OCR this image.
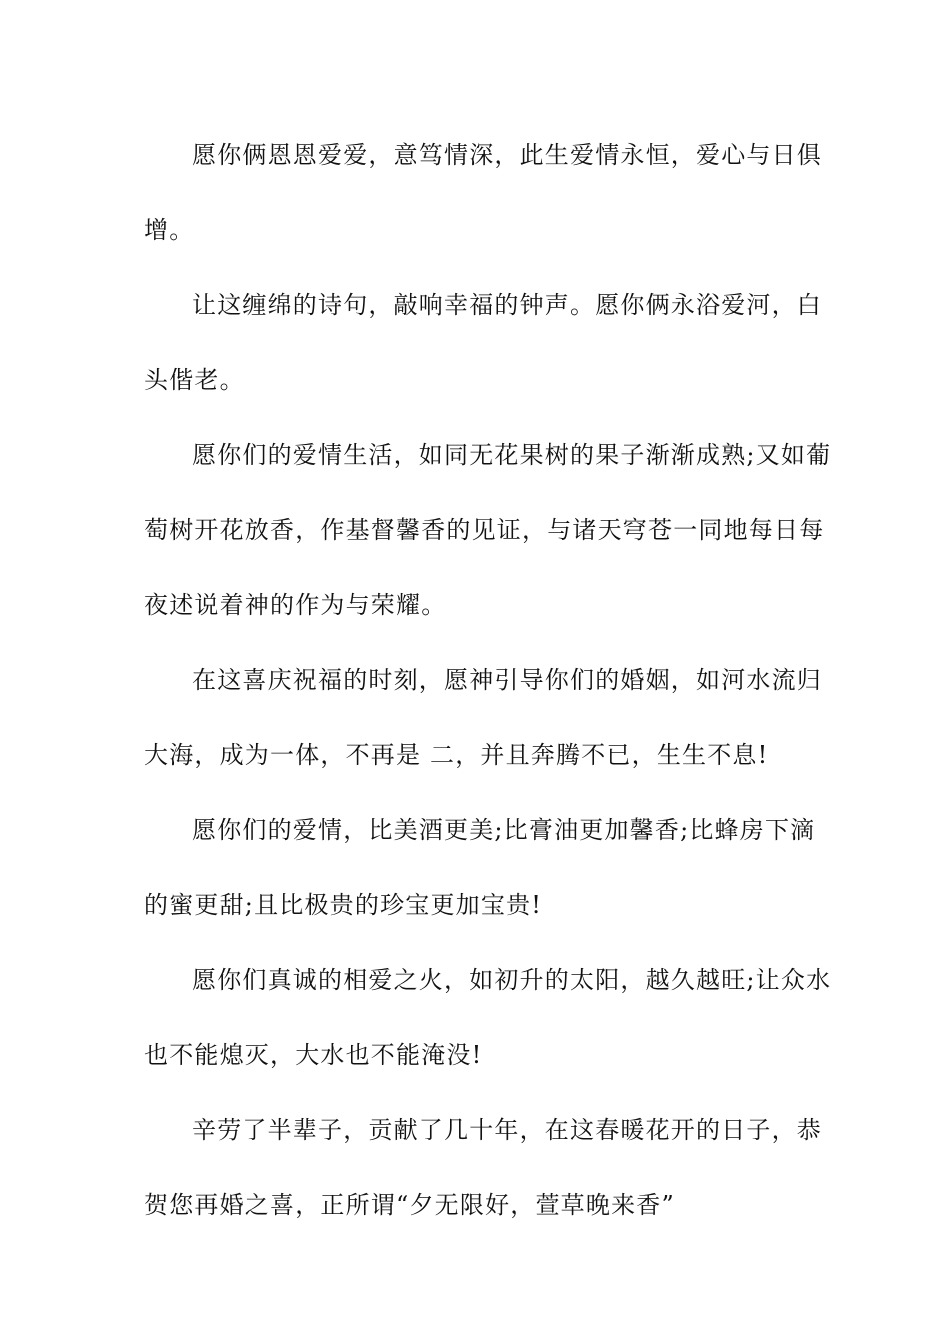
愿你俩恩恩爱爱，意笃情深，此生爱情永恒，爱心与日俱
增。

让这缠绵的诗句，敲响幸福的钟声。愿你俩永浴爱河，白
头偕老。

愿你们的爱情生活，如同无花果树的果子渐渐成熟;又如葡
萄树开花放香，作基督馨香的见证，与诸天穹苍一同地每日每
夜述说着神的作为与荣耀。

在这喜庆祝福的时刻，愿神引导你们的婚姻，如河水流归
大海，成为一体，不再是 二，并且奔腾不已，生生不息!

愿你们的爱情，比美酒更美;比膏油更加馨香;比蜂房下滴
的蜜更甜;且比极贵的珍宝更加宝贵!

愿你们真诚的相爱之火，如初升的太阳，越久越旺;让众水
也不能熄灭，大水也不能淹没!

辛劳了半辈子，贡献了几十年，在这春暖花开的日子，恭
贺您再婚之喜，正所谓“夕无限好，萱草晚来香”
